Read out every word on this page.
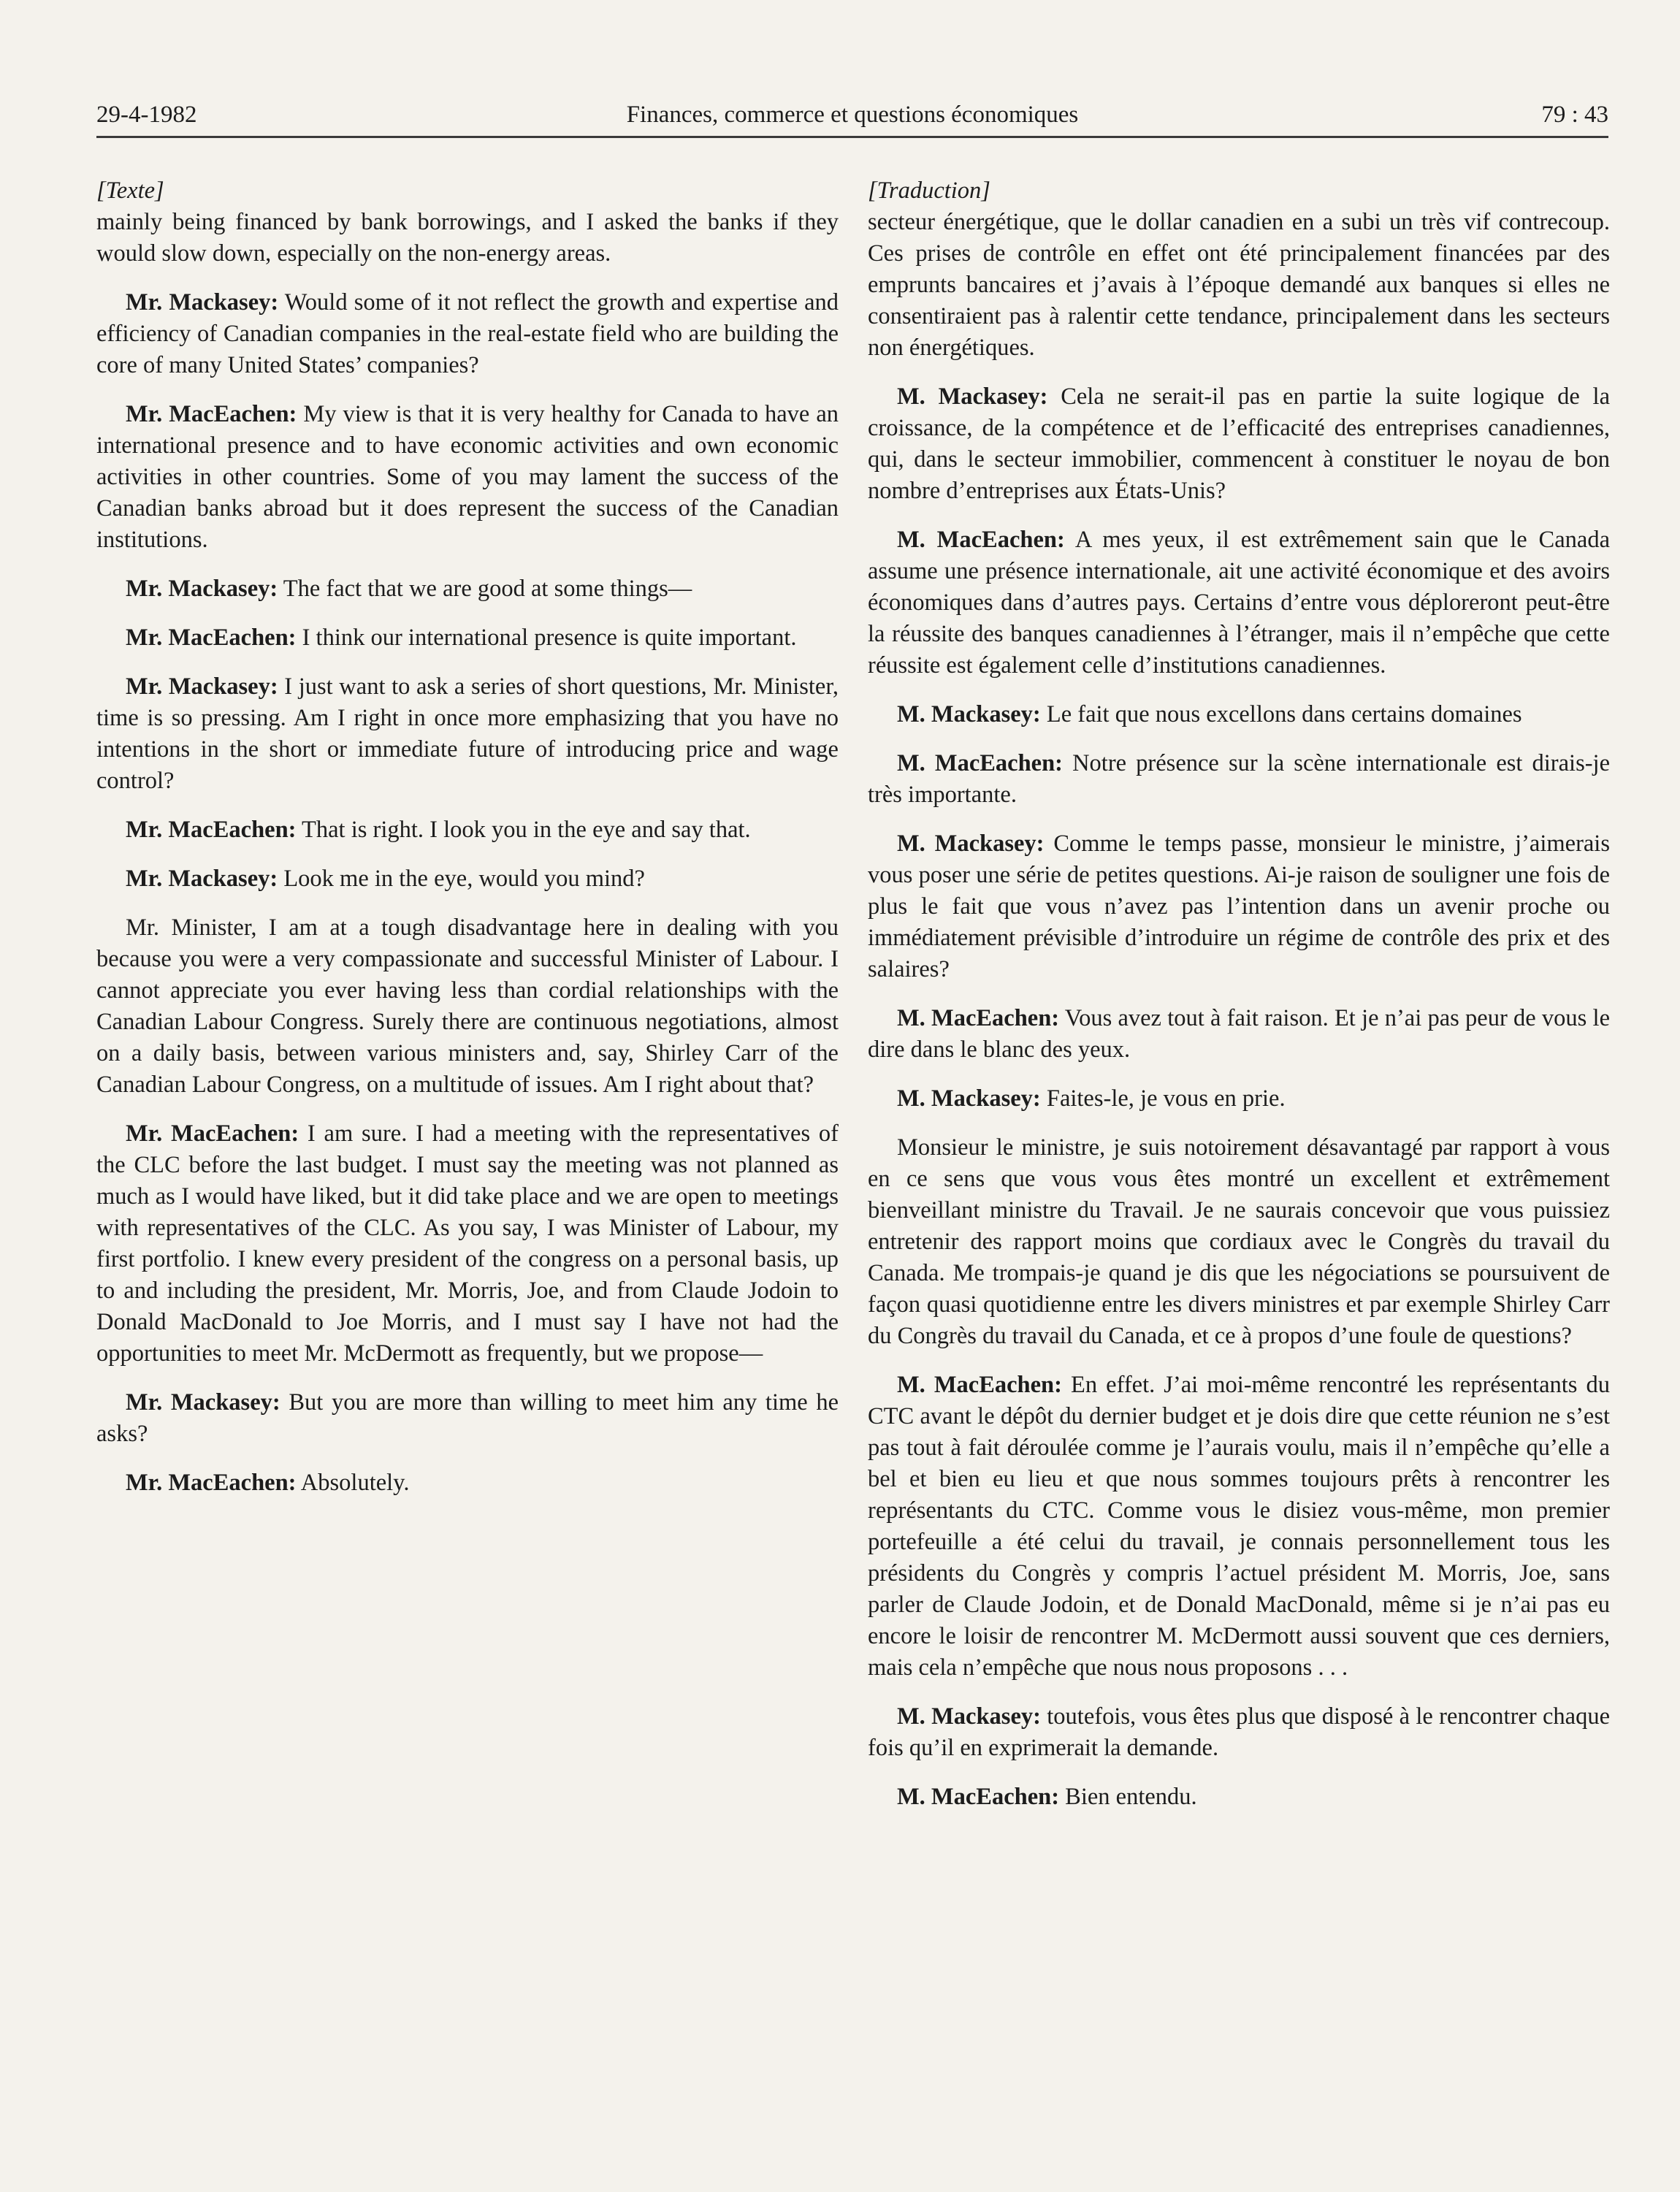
29-4-1982	Finances, commerce et questions économiques	79 : 43
[Texte]

mainly being financed by bank borrowings, and I asked the banks if they would slow down, especially on the non-energy areas.

Mr. Mackasey: Would some of it not reflect the growth and expertise and efficiency of Canadian companies in the real-estate field who are building the core of many United States’ companies?

Mr. MacEachen: My view is that it is very healthy for Canada to have an international presence and to have economic activities and own economic activities in other countries. Some of you may lament the success of the Canadian banks abroad but it does represent the success of the Canadian institutions.

Mr. Mackasey: The fact that we are good at some things—

Mr. MacEachen: I think our international presence is quite important.

Mr. Mackasey: I just want to ask a series of short questions, Mr. Minister, time is so pressing. Am I right in once more emphasizing that you have no intentions in the short or immediate future of introducing price and wage control?

Mr. MacEachen: That is right. I look you in the eye and say that.

Mr. Mackasey: Look me in the eye, would you mind?

Mr. Minister, I am at a tough disadvantage here in dealing with you because you were a very compassionate and successful Minister of Labour. I cannot appreciate you ever having less than cordial relationships with the Canadian Labour Congress. Surely there are continuous negotiations, almost on a daily basis, between various ministers and, say, Shirley Carr of the Canadian Labour Congress, on a multitude of issues. Am I right about that?

Mr. MacEachen: I am sure. I had a meeting with the representatives of the CLC before the last budget. I must say the meeting was not planned as much as I would have liked, but it did take place and we are open to meetings with representatives of the CLC. As you say, I was Minister of Labour, my first portfolio. I knew every president of the congress on a personal basis, up to and including the president, Mr. Morris, Joe, and from Claude Jodoin to Donald MacDonald to Joe Morris, and I must say I have not had the opportunities to meet Mr. McDermott as frequently, but we propose—

Mr. Mackasey: But you are more than willing to meet him any time he asks?

Mr. MacEachen: Absolutely.

[Traduction]

secteur énergétique, que le dollar canadien en a subi un très vif contrecoup. Ces prises de contrôle en effet ont été principalement financées par des emprunts bancaires et j’avais à l’époque demandé aux banques si elles ne consentiraient pas à ralentir cette tendance, principalement dans les secteurs non énergétiques.

M. Mackasey: Cela ne serait-il pas en partie la suite logique de la croissance, de la compétence et de l’efficacité des entreprises canadiennes, qui, dans le secteur immobilier, commencent à constituer le noyau de bon nombre d’entreprises aux États-Unis?

M. MacEachen: A mes yeux, il est extrêmement sain que le Canada assume une présence internationale, ait une activité économique et des avoirs économiques dans d’autres pays. Certains d’entre vous déploreront peut-être la réussite des banques canadiennes à l’étranger, mais il n’empêche que cette réussite est également celle d’institutions canadiennes.

M. Mackasey: Le fait que nous excellons dans certains domaines

M. MacEachen: Notre présence sur la scène internationale est dirais-je très importante.

M. Mackasey: Comme le temps passe, monsieur le ministre, j’aimerais vous poser une série de petites questions. Ai-je raison de souligner une fois de plus le fait que vous n’avez pas l’intention dans un avenir proche ou immédiatement prévisible d’introduire un régime de contrôle des prix et des salaires?

M. MacEachen: Vous avez tout à fait raison. Et je n’ai pas peur de vous le dire dans le blanc des yeux.

M. Mackasey: Faites-le, je vous en prie.

Monsieur le ministre, je suis notoirement désavantagé par rapport à vous en ce sens que vous vous êtes montré un excellent et extrêmement bienveillant ministre du Travail. Je ne saurais concevoir que vous puissiez entretenir des rapport moins que cordiaux avec le Congrès du travail du Canada. Me trompais-je quand je dis que les négociations se poursuivent de façon quasi quotidienne entre les divers ministres et par exemple Shirley Carr du Congrès du travail du Canada, et ce à propos d’une foule de questions?

M. MacEachen: En effet. J’ai moi-même rencontré les représentants du CTC avant le dépôt du dernier budget et je dois dire que cette réunion ne s’est pas tout à fait déroulée comme je l’aurais voulu, mais il n’empêche qu’elle a bel et bien eu lieu et que nous sommes toujours prêts à rencontrer les représentants du CTC. Comme vous le disiez vous-même, mon premier portefeuille a été celui du travail, je connais personnellement tous les présidents du Congrès y compris l’actuel président M. Morris, Joe, sans parler de Claude Jodoin, et de Donald MacDonald, même si je n’ai pas eu encore le loisir de rencontrer M. McDermott aussi souvent que ces derniers, mais cela n’empêche que nous nous proposons . . .

M. Mackasey: toutefois, vous êtes plus que disposé à le rencontrer chaque fois qu’il en exprimerait la demande.

M. MacEachen: Bien entendu.
